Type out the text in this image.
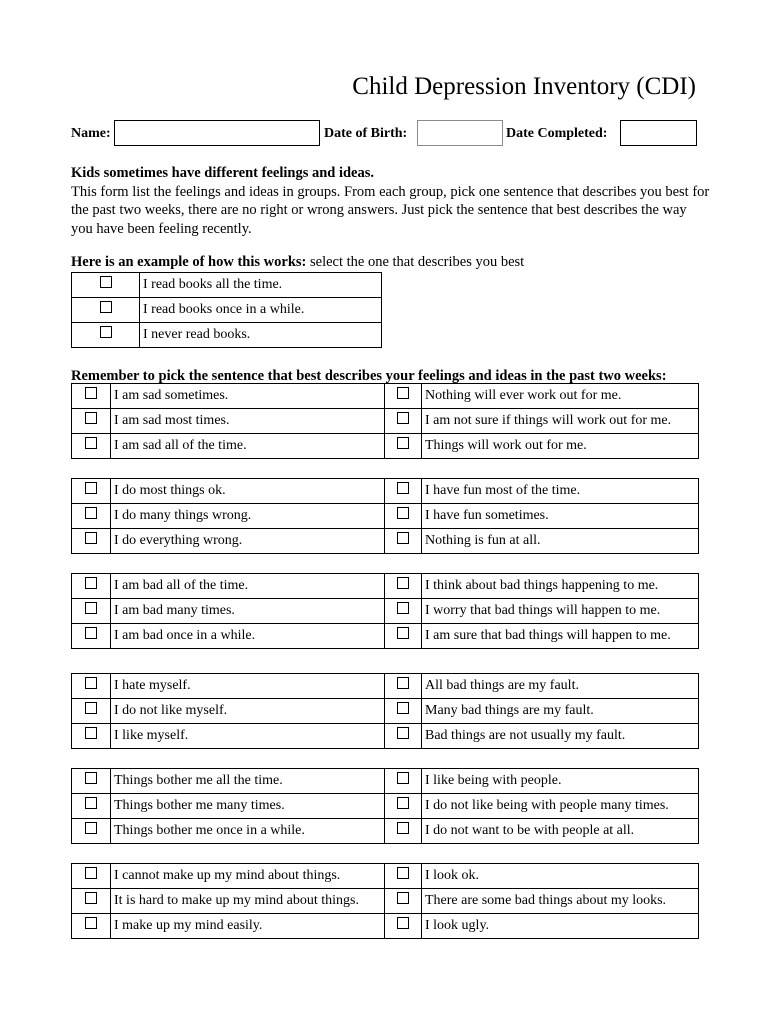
Child Depression Inventory (CDI)
Name:	Date of Birth:	Date Completed:
Kids sometimes have different feelings and ideas.
This form list the feelings and ideas in groups. From each group, pick one sentence that describes you best for the past two weeks, there are no right or wrong answers. Just pick the sentence that best describes the way you have been feeling recently.
Here is an example of how this works: select the one that describes you best
	I read books all the time.
	I read books once in a while.
	I never read books.
Remember to pick the sentence that best describes your feelings and ideas in the past two weeks:
	I am sad sometimes.		Nothing will ever work out for me.
	I am sad most times.		I am not sure if things will work out for me.
	I am sad all of the time.		Things will work out for me.
	I do most things ok.		I have fun most of the time.
	I do many things wrong.		I have fun sometimes.
	I do everything wrong.		Nothing is fun at all.
	I am bad all of the time.		I think about bad things happening to me.
	I am bad many times.		I worry that bad things will happen to me.
	I am bad once in a while.		I am sure that bad things will happen to me.
	I hate myself.		All bad things are my fault.
	I do not like myself.		Many bad things are my fault.
	I like myself.		Bad things are not usually my fault.
	Things bother me all the time.		I like being with people.
	Things bother me many times.		I do not like being with people many times.
	Things bother me once in a while.		I do not want to be with people at all.
	I cannot make up my mind about things.		I look ok.
	It is hard to make up my mind about things.		There are some bad things about my looks.
	I make up my mind easily.		I look ugly.
